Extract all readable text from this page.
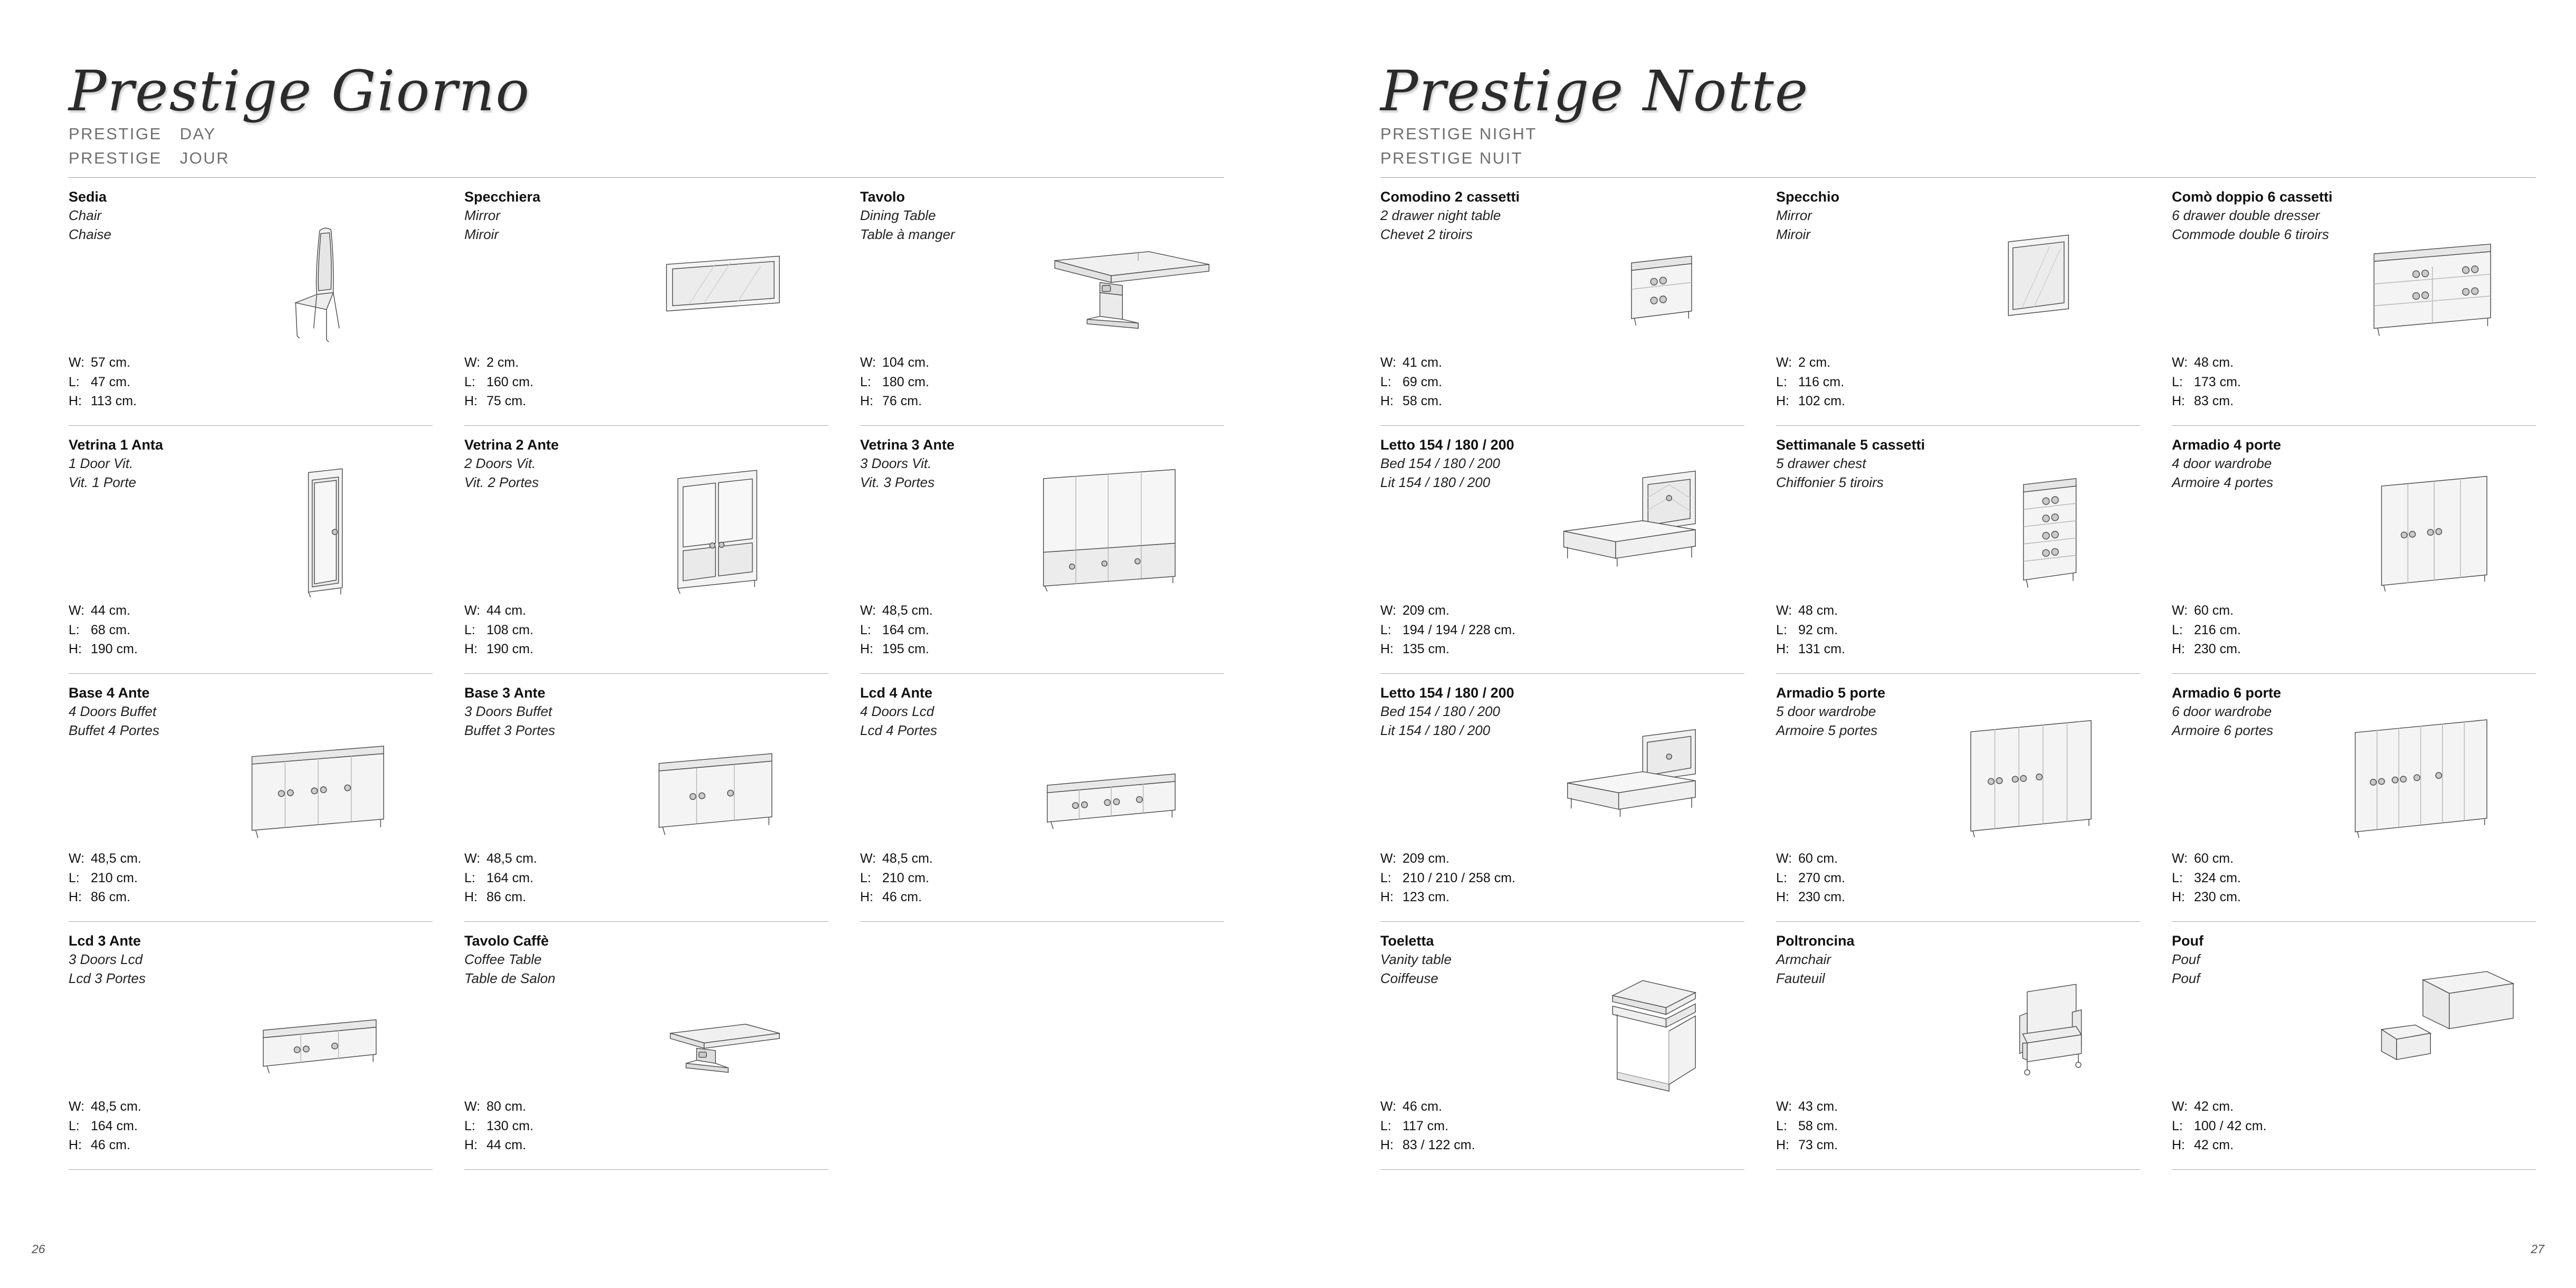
Prestige Giorno
PRESTIGE DAY
PRESTIGE JOUR
Sedia
Chair
Chaise
W: 57 cm.
L: 47 cm.
H: 113 cm.
Specchiera
Mirror
Miroir
W: 2 cm.
L: 160 cm.
H: 75 cm.
Tavolo
Dining Table
Table à manger
W: 104 cm.
L: 180 cm.
H: 76 cm.
Vetrina 1 Anta
1 Door Vit.
Vit. 1 Porte
W: 44 cm.
L: 68 cm.
H: 190 cm.
Vetrina 2 Ante
2 Doors Vit.
Vit. 2 Portes
W: 44 cm.
L: 108 cm.
H: 190 cm.
Vetrina 3 Ante
3 Doors Vit.
Vit. 3 Portes
W: 48,5 cm.
L: 164 cm.
H: 195 cm.
Base 4 Ante
4 Doors Buffet
Buffet 4 Portes
W: 48,5 cm.
L: 210 cm.
H: 86 cm.
Base 3 Ante
3 Doors Buffet
Buffet 3 Portes
W: 48,5 cm.
L: 164 cm.
H: 86 cm.
Lcd 4 Ante
4 Doors Lcd
Lcd 4 Portes
W: 48,5 cm.
L: 210 cm.
H: 46 cm.
Lcd 3 Ante
3 Doors Lcd
Lcd 3 Portes
W: 48,5 cm.
L: 164 cm.
H: 46 cm.
Tavolo Caffè
Coffee Table
Table de Salon
W: 80 cm.
L: 130 cm.
H: 44 cm.
26
Prestige Notte
PRESTIGE NIGHT
PRESTIGE NUIT
Comodino 2 cassetti
2 drawer night table
Chevet 2 tiroirs
W: 41 cm.
L: 69 cm.
H: 58 cm.
Specchio
Mirror
Miroir
W: 2 cm.
L: 116 cm.
H: 102 cm.
Comò doppio 6 cassetti
6 drawer double dresser
Commode double 6 tiroirs
W: 48 cm.
L: 173 cm.
H: 83 cm.
Letto 154 / 180 / 200
Bed 154 / 180 / 200
Lit 154 / 180 / 200
W: 209 cm.
L: 194 / 194 / 228 cm.
H: 135 cm.
Settimanale 5 cassetti
5 drawer chest
Chiffonier 5 tiroirs
W: 48 cm.
L: 92 cm.
H: 131 cm.
Armadio 4 porte
4 door wardrobe
Armoire 4 portes
W: 60 cm.
L: 216 cm.
H: 230 cm.
Letto 154 / 180 / 200
Bed 154 / 180 / 200
Lit 154 / 180 / 200
W: 209 cm.
L: 210 / 210 / 258 cm.
H: 123 cm.
Armadio 5 porte
5 door wardrobe
Armoire 5 portes
W: 60 cm.
L: 270 cm.
H: 230 cm.
Armadio 6 porte
6 door wardrobe
Armoire 6 portes
W: 60 cm.
L: 324 cm.
H: 230 cm.
Toeletta
Vanity table
Coiffeuse
W: 46 cm.
L: 117 cm.
H: 83 / 122 cm.
Poltroncina
Armchair
Fauteuil
W: 43 cm.
L: 58 cm.
H: 73 cm.
Pouf
Pouf
Pouf
W: 42 cm.
L: 100 / 42 cm.
H: 42 cm.
27
